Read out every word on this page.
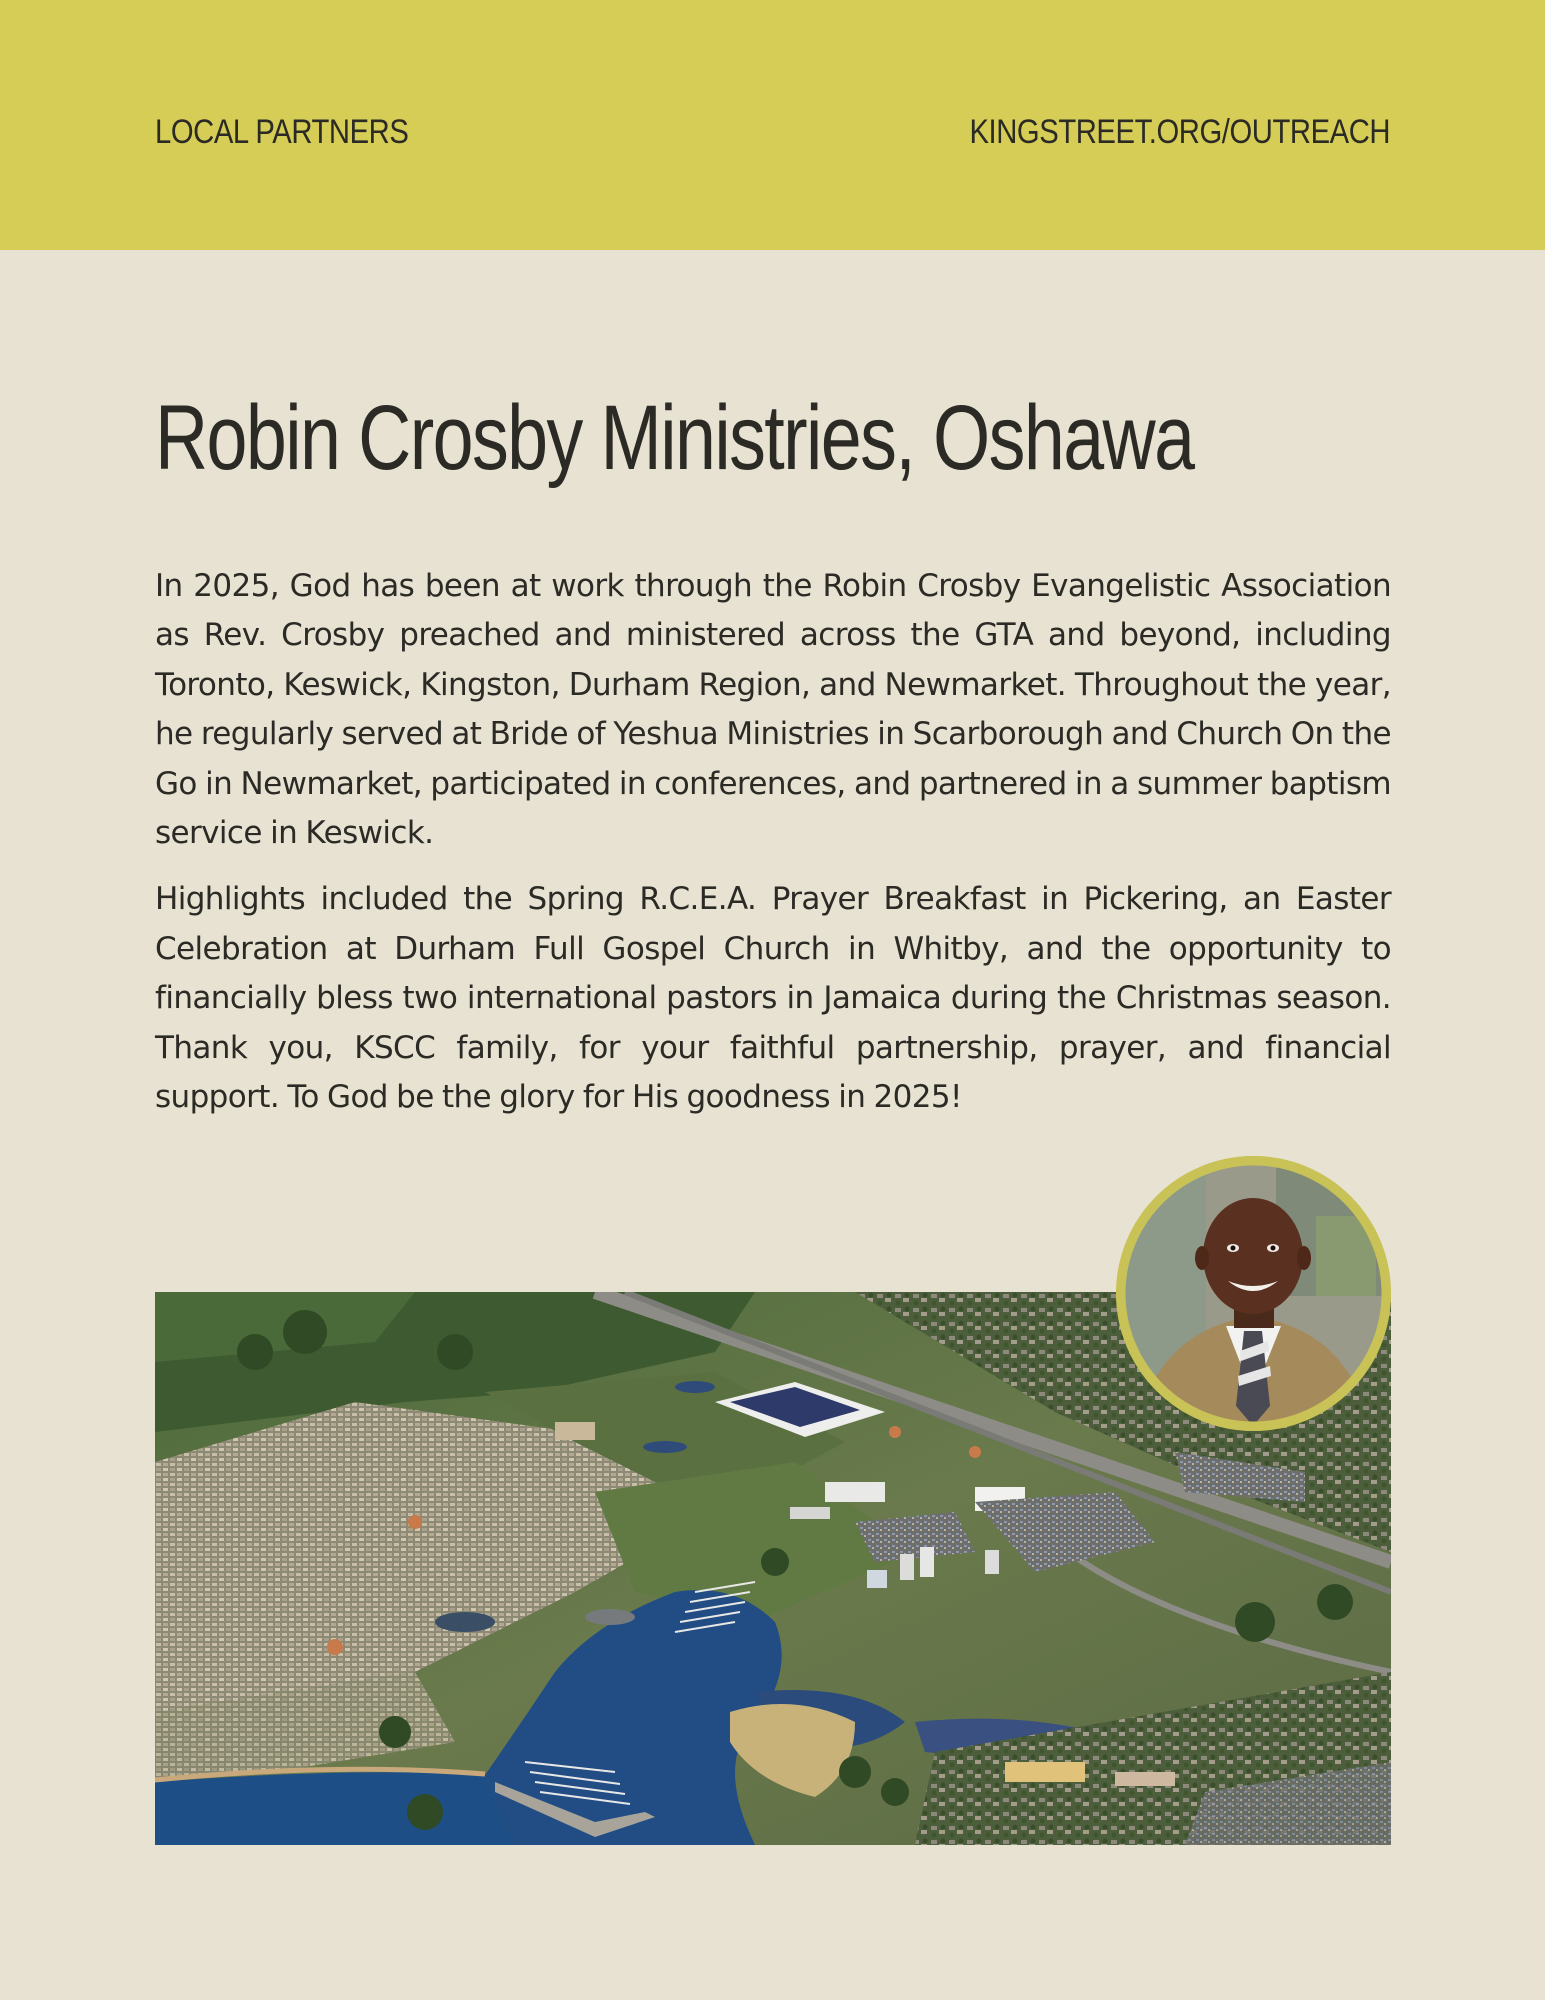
LOCAL PARTNERS	KINGSTREET.ORG/OUTREACH
Robin Crosby Ministries, Oshawa

In 2025, God has been at work through the Robin Crosby Evangelistic Association as Rev. Crosby preached and ministered across the GTA and beyond, including Toronto, Keswick, Kingston, Durham Region, and Newmarket. Throughout the year, he regularly served at Bride of Yeshua Ministries in Scarborough and Church On the Go in Newmarket, participated in conferences, and partnered in a summer baptism service in Keswick.

Highlights included the Spring R.C.E.A. Prayer Breakfast in Pickering, an Easter Celebration at Durham Full Gospel Church in Whitby, and the opportunity to financially bless two international pastors in Jamaica during the Christmas season. Thank you, KSCC family, for your faithful partnership, prayer, and financial support. To God be the glory for His goodness in 2025!
